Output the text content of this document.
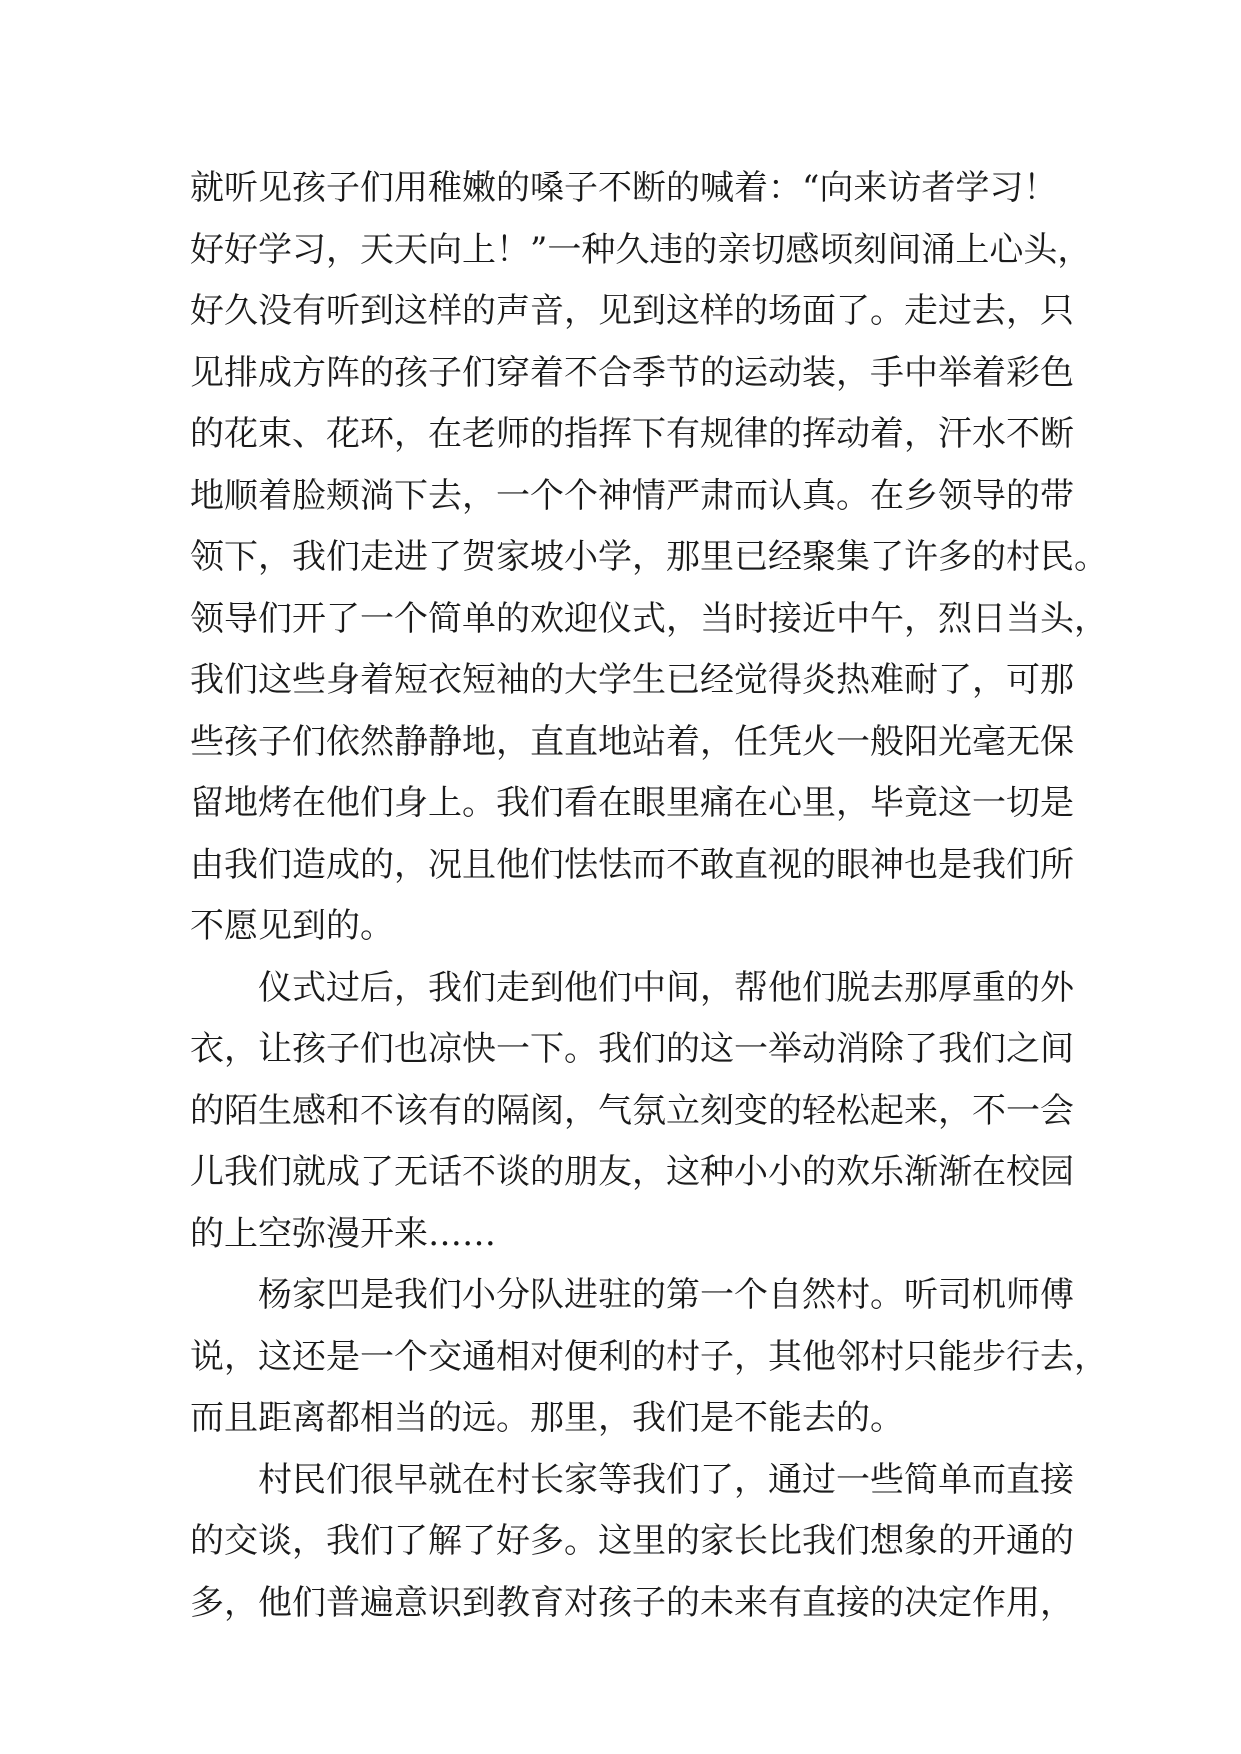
就听见孩子们用稚嫩的嗓子不断的喊着：“向来访者学习！
好好学习，天天向上！”一种久违的亲切感顷刻间涌上心头，
好久没有听到这样的声音，见到这样的场面了。走过去，只
见排成方阵的孩子们穿着不合季节的运动装，手中举着彩色
的花束、花环，在老师的指挥下有规律的挥动着，汗水不断
地顺着脸颊淌下去，一个个神情严肃而认真。在乡领导的带
领下，我们走进了贺家坡小学，那里已经聚集了许多的村民。
领导们开了一个简单的欢迎仪式，当时接近中午，烈日当头，
我们这些身着短衣短袖的大学生已经觉得炎热难耐了，可那
些孩子们依然静静地，直直地站着，任凭火一般阳光毫无保
留地烤在他们身上。我们看在眼里痛在心里，毕竟这一切是
由我们造成的，况且他们怯怯而不敢直视的眼神也是我们所
不愿见到的。
仪式过后，我们走到他们中间，帮他们脱去那厚重的外
衣，让孩子们也凉快一下。我们的这一举动消除了我们之间
的陌生感和不该有的隔阂，气氛立刻变的轻松起来，不一会
儿我们就成了无话不谈的朋友，这种小小的欢乐渐渐在校园
的上空弥漫开来……
杨家凹是我们小分队进驻的第一个自然村。听司机师傅
说，这还是一个交通相对便利的村子，其他邻村只能步行去，
而且距离都相当的远。那里，我们是不能去的。
村民们很早就在村长家等我们了，通过一些简单而直接
的交谈，我们了解了好多。这里的家长比我们想象的开通的
多，他们普遍意识到教育对孩子的未来有直接的决定作用，
